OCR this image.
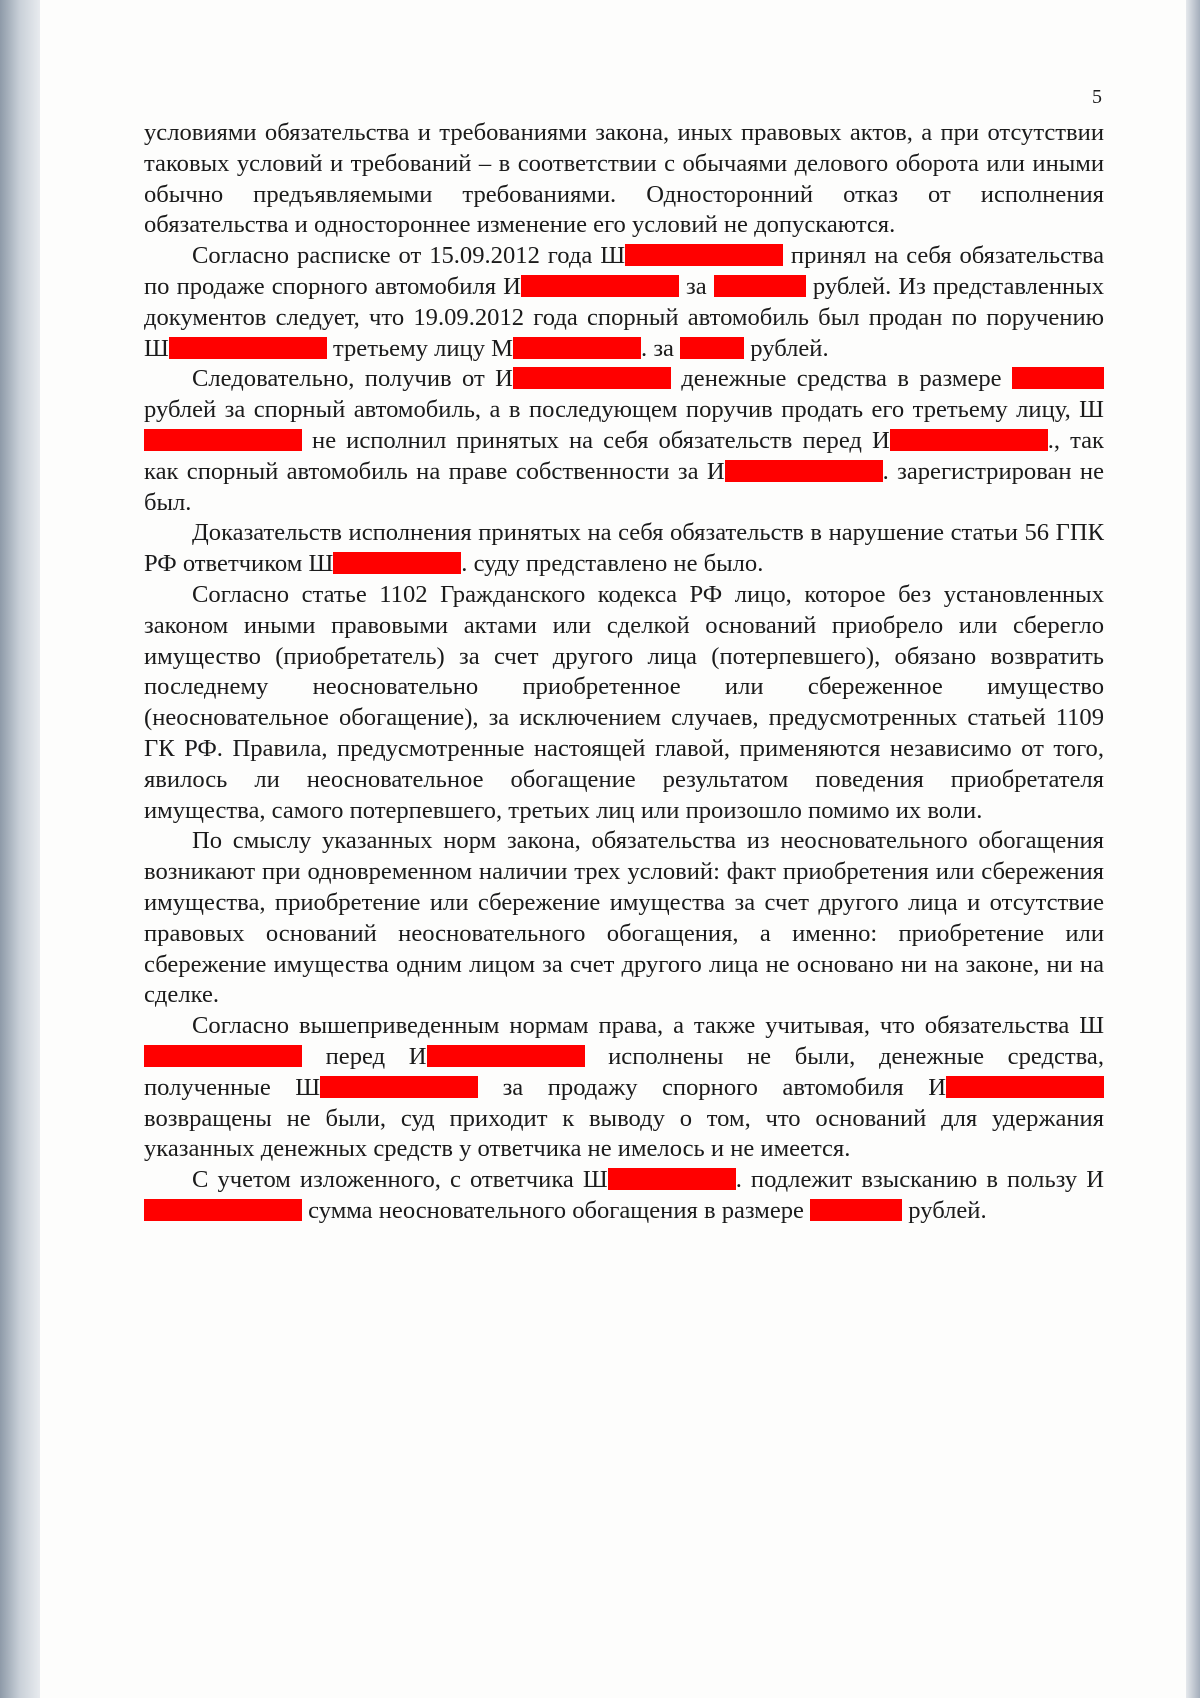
5

условиями обязательства и требованиями закона, иных правовых актов, а при отсутствии таковых условий и требований – в соответствии с обычаями делового оборота или иными обычно предъявляемыми требованиями. Односторонний отказ от исполнения обязательства и одностороннее изменение его условий не допускаются.

Согласно расписке от 15.09.2012 года Ш	принял на себя обязательства по продаже спорного автомобиля И	за	рублей. Из представленных документов следует, что 19.09.2012 года спорный автомобиль был продан по поручению Ш	третьему лицу М	. за	рублей.

Следовательно, получив от И	денежные средства в размере  рублей за спорный автомобиль, а в последующем поручив продать его третьему лицу, Ш не исполнил принятых на себя обязательств перед И	., так как спорный автомобиль на праве собственности за И	. зарегистрирован не был.

Доказательств исполнения принятых на себя обязательств в нарушение статьи 56 ГПК РФ ответчиком Ш	. суду представлено не было.

Согласно статье 1102 Гражданского кодекса РФ лицо, которое без установленных законом иными правовыми актами или сделкой оснований приобрело или сберегло имущество (приобретатель) за счет другого лица (потерпевшего), обязано возвратить последнему неосновательно приобретенное или сбереженное имущество (неосновательное обогащение), за исключением случаев, предусмотренных статьей 1109 ГК РФ. Правила, предусмотренные настоящей главой, применяются независимо от того, явилось ли неосновательное обогащение результатом поведения приобретателя имущества, самого потерпевшего, третьих лиц или произошло помимо их воли.

По смыслу указанных норм закона, обязательства из неосновательного обогащения возникают при одновременном наличии трех условий: факт приобретения или сбережения имущества, приобретение или сбережение имущества за счет другого лица и отсутствие правовых оснований неосновательного обогащения, а именно: приобретение или сбережение имущества одним лицом за счет другого лица не основано ни на законе, ни на сделке.

Согласно вышеприведенным нормам права, а также учитывая, что обязательства Ш перед И	исполнены не были, денежные средства, полученные Ш	за продажу спорного автомобиля И возвращены не были, суд приходит к выводу о том, что оснований для удержания указанных денежных средств у ответчика не имелось и не имеется.

С учетом изложенного, с ответчика Ш	. подлежит взысканию в пользу И сумма неосновательного обогащения в размере	рублей.
